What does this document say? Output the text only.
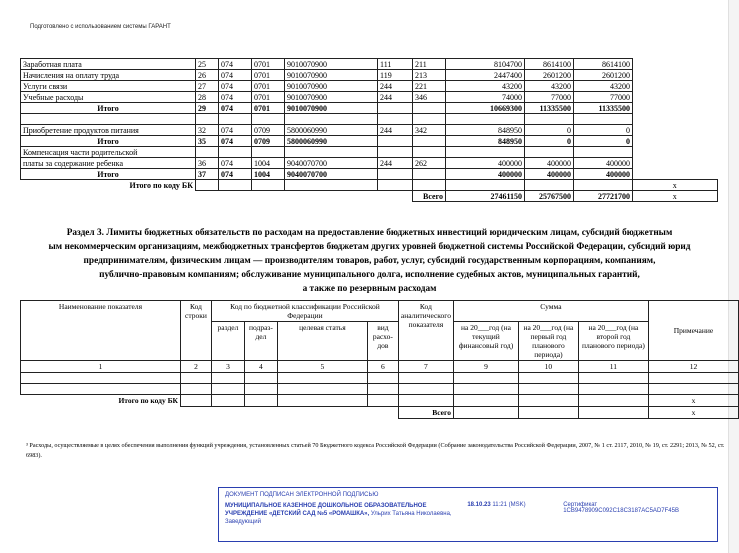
Подготовлено с использованием системы ГАРАНТ
Заработная плата	25	074	0701	9010070900	111	211	8104700	8614100	8614100	
Начисления на оплату труда	26	074	0701	9010070900	119	213	2447400	2601200	2601200	
Услуги связи	27	074	0701	9010070900	244	221	43200	43200	43200	
Учебные расходы	28	074	0701	9010070900	244	346	74000	77000	77000	
Итого	29	074	0701	9010070900			10669300	11335500	11335500	

Приобретение продуктов питания	32	074	0709	5800060990	244	342	848950	0	0	
Итого	35	074	0709	5800060990			848950	0	0	
Компенсация части родительской										
платы за содержание ребенка	36	074	1004	9040070700	244	262	400000	400000	400000	
Итого	37	074	1004	9040070700			400000	400000	400000	
Итого по коду БК										х
						Всего	27461150	25767500	27721700	х
Раздел 3. Лимиты бюджетных обязательств по расходам на предоставление бюджетных инвестиций юридическим лицам, субсидий бюджетным
ым некоммерческим организациям, межбюджетных трансфертов бюджетам других уровней бюджетной системы Российской Федерации, субсидий юрид
предпринимателям, физическим лицам — производителям товаров, работ, услуг, субсидий государственным корпорациям, компаниям,
публично-правовым компаниям; обслуживание муниципального долга, исполнение судебных актов, муниципальных гарантий,
а также по резервным расходам
Наименование показателя	Код строки	Код по бюджетной классификации Российской Федерации				Код аналитического показателя	Сумма			Примечание
		раздел	подраз-дел	целевая статья	вид расхо-дов		на 20___год (на текущий финансовый год)	на 20___год (на первый год планового периода)	на 20___год (на второй год планового периода)	
1	2	3	4	5	6	7	9	10	11	12

Итого по коду БК										х
						Всего				х
³ Расходы, осуществляемые в целях обеспечения выполнения функций учреждения, установленных статьей 70 Бюджетного кодекса Российской Федерации (Собрание законодательства Российской Федерации, 2007, № 1 ст. 2117, 2010, № 19, ст. 2291; 2013, № 52, ст. 6983).
ДОКУМЕНТ ПОДПИСАН ЭЛЕКТРОННОЙ ПОДПИСЬЮ
МУНИЦИПАЛЬНОЕ КАЗЕННОЕ ДОШКОЛЬНОЕ ОБРАЗОВАТЕЛЬНОЕ УЧРЕЖДЕНИЕ «ДЕТСКИЙ САД №5 «РОМАШКА», Ульрих Татьяна Николаевна, Заведующий
18.10.23 11:21 (MSK)	Сертификат 1CB9478909C092C18C3187AC5AD7F45B
